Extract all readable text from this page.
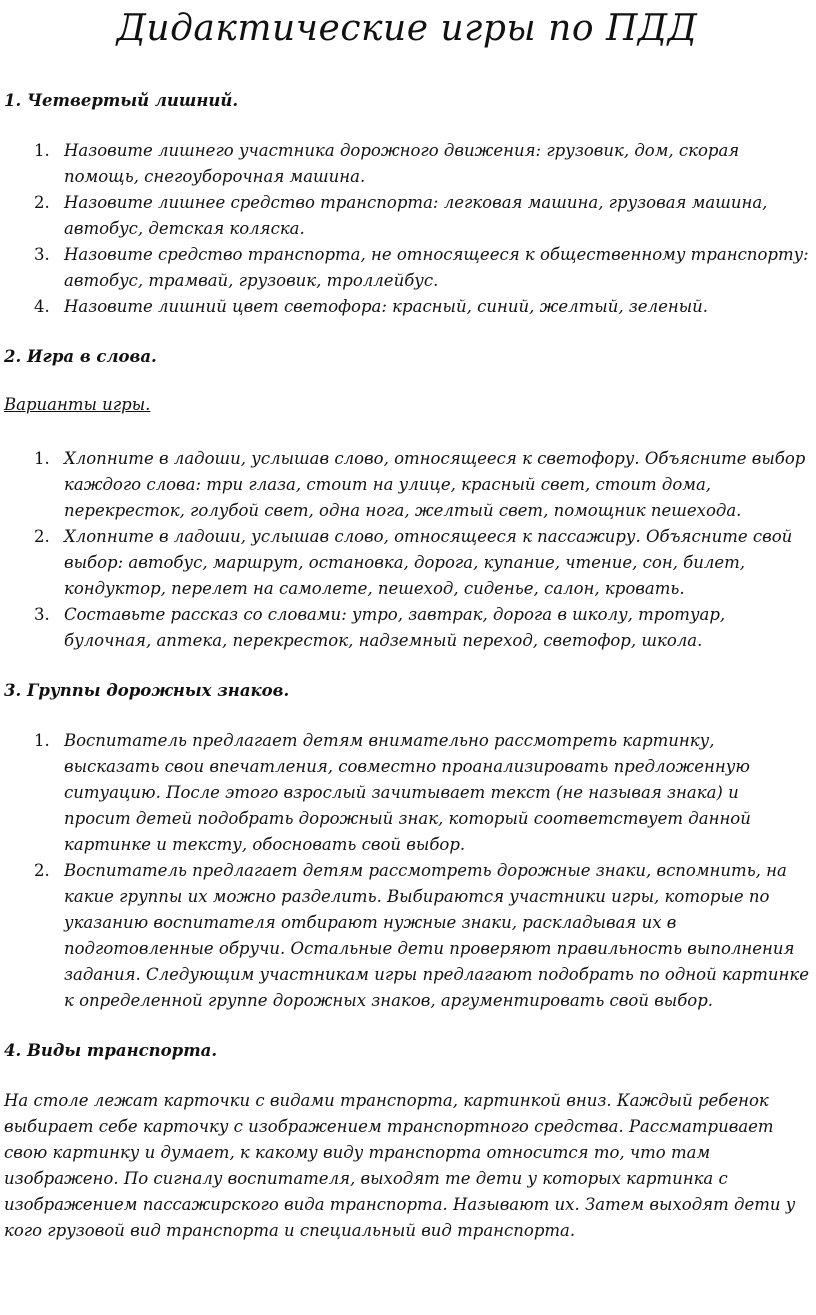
Дидактические игры по ПДД

1. Четвертый лишний.

1. Назовите лишнего участника дорожного движения: грузовик, дом, скорая помощь, снегоуборочная машина.
2. Назовите лишнее средство транспорта: легковая машина, грузовая машина, автобус, детская коляска.
3. Назовите средство транспорта, не относящееся к общественному транспорту: автобус, трамвай, грузовик, троллейбус.
4. Назовите лишний цвет светофора: красный, синий, желтый, зеленый.

2. Игра в слова.

Варианты игры.

1. Хлопните в ладоши, услышав слово, относящееся к светофору. Объясните выбор каждого слова: три глаза, стоит на улице, красный свет, стоит дома, перекресток, голубой свет, одна нога, желтый свет, помощник пешехода.
2. Хлопните в ладоши, услышав слово, относящееся к пассажиру. Объясните свой выбор: автобус, маршрут, остановка, дорога, купание, чтение, сон, билет, кондуктор, перелет на самолете, пешеход, сиденье, салон, кровать.
3. Составьте рассказ со словами: утро, завтрак, дорога в школу, тротуар, булочная, аптека, перекресток, надземный переход, светофор, школа.

3. Группы дорожных знаков.

1. Воспитатель предлагает детям внимательно рассмотреть картинку, высказать свои впечатления, совместно проанализировать предложенную ситуацию. После этого взрослый зачитывает текст (не называя знака) и просит детей подобрать дорожный знак, который соответствует данной картинке и тексту, обосновать свой выбор.
2. Воспитатель предлагает детям рассмотреть дорожные знаки, вспомнить, на какие группы их можно разделить. Выбираются участники игры, которые по указанию воспитателя отбирают нужные знаки, раскладывая их в подготовленные обручи. Остальные дети проверяют правильность выполнения задания. Следующим участникам игры предлагают подобрать по одной картинке к определенной группе дорожных знаков, аргументировать свой выбор.

4. Виды транспорта.

На столе лежат карточки с видами транспорта, картинкой вниз. Каждый ребенок выбирает себе карточку с изображением транспортного средства. Рассматривает свою картинку и думает, к какому виду транспорта относится то, что там изображено. По сигналу воспитателя, выходят те дети у которых картинка с изображением пассажирского вида транспорта. Называют их. Затем выходят дети у кого грузовой вид транспорта и специальный вид транспорта.
